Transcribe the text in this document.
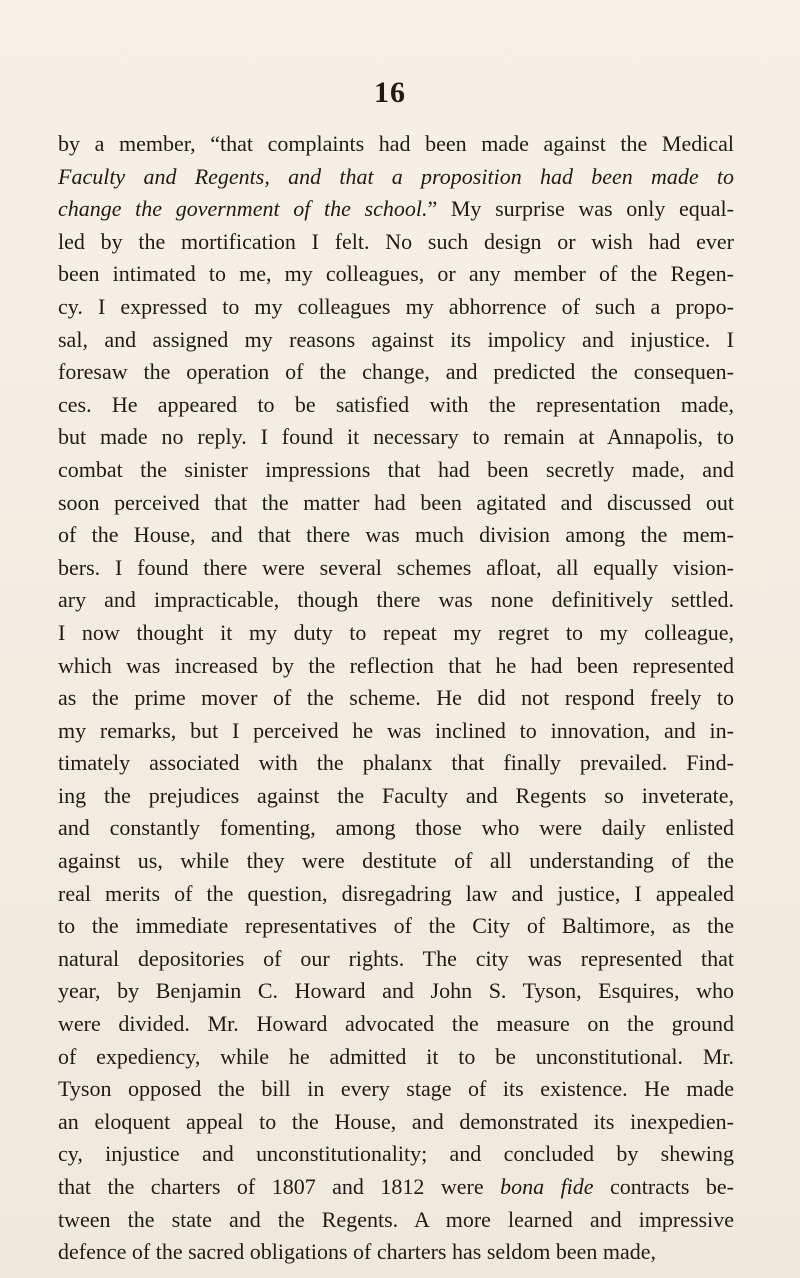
16
by a member, “that complaints had been made against the Medical
Faculty and Regents, and that a proposition had been made to
change the government of the school.” My surprise was only equal-
led by the mortification I felt. No such design or wish had ever
been intimated to me, my colleagues, or any member of the Regen-
cy. I expressed to my colleagues my abhorrence of such a propo-
sal, and assigned my reasons against its impolicy and injustice. I
foresaw the operation of the change, and predicted the consequen-
ces. He appeared to be satisfied with the representation made,
but made no reply. I found it necessary to remain at Annapolis, to
combat the sinister impressions that had been secretly made, and
soon perceived that the matter had been agitated and discussed out
of the House, and that there was much division among the mem-
bers. I found there were several schemes afloat, all equally vision-
ary and impracticable, though there was none definitively settled.
I now thought it my duty to repeat my regret to my colleague,
which was increased by the reflection that he had been represented
as the prime mover of the scheme. He did not respond freely to
my remarks, but I perceived he was inclined to innovation, and in-
timately associated with the phalanx that finally prevailed. Find-
ing the prejudices against the Faculty and Regents so inveterate,
and constantly fomenting, among those who were daily enlisted
against us, while they were destitute of all understanding of the
real merits of the question, disregadring law and justice, I appealed
to the immediate representatives of the City of Baltimore, as the
natural depositories of our rights. The city was represented that
year, by Benjamin C. Howard and John S. Tyson, Esquires, who
were divided. Mr. Howard advocated the measure on the ground
of expediency, while he admitted it to be unconstitutional. Mr.
Tyson opposed the bill in every stage of its existence. He made
an eloquent appeal to the House, and demonstrated its inexpedien-
cy, injustice and unconstitutionality; and concluded by shewing
that the charters of 1807 and 1812 were bona fide contracts be-
tween the state and the Regents. A more learned and impressive
defence of the sacred obligations of charters has seldom been made,
